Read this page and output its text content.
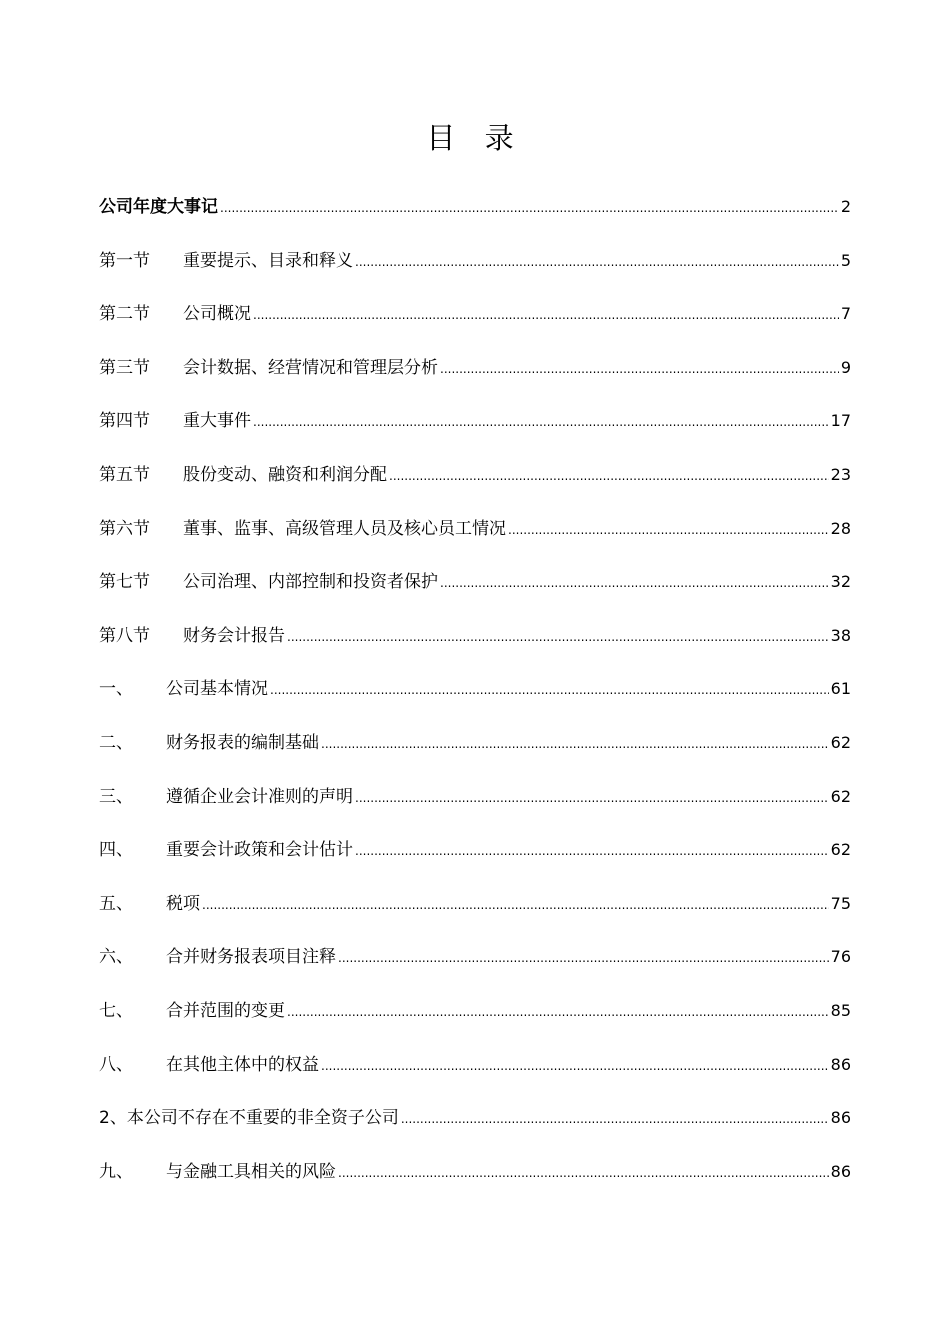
目 录
公司年度大事记 .....	2
第一节	重要提示、目录和释义 .....	5
第二节	公司概况 .....	7
第三节	会计数据、经营情况和管理层分析 .....	9
第四节	重大事件 .....	17
第五节	股份变动、融资和利润分配 .....	23
第六节	董事、监事、高级管理人员及核心员工情况 .....	28
第七节	公司治理、内部控制和投资者保护 .....	32
第八节	财务会计报告 .....	38
一、	公司基本情况 .....	61
二、	财务报表的编制基础 .....	62
三、	遵循企业会计准则的声明 .....	62
四、	重要会计政策和会计估计 .....	62
五、	税项 .....	75
六、	合并财务报表项目注释 .....	76
七、	合并范围的变更 .....	85
八、	在其他主体中的权益 .....	86
2、本公司不存在不重要的非全资子公司 .....	86
九、	与金融工具相关的风险 .....	86
